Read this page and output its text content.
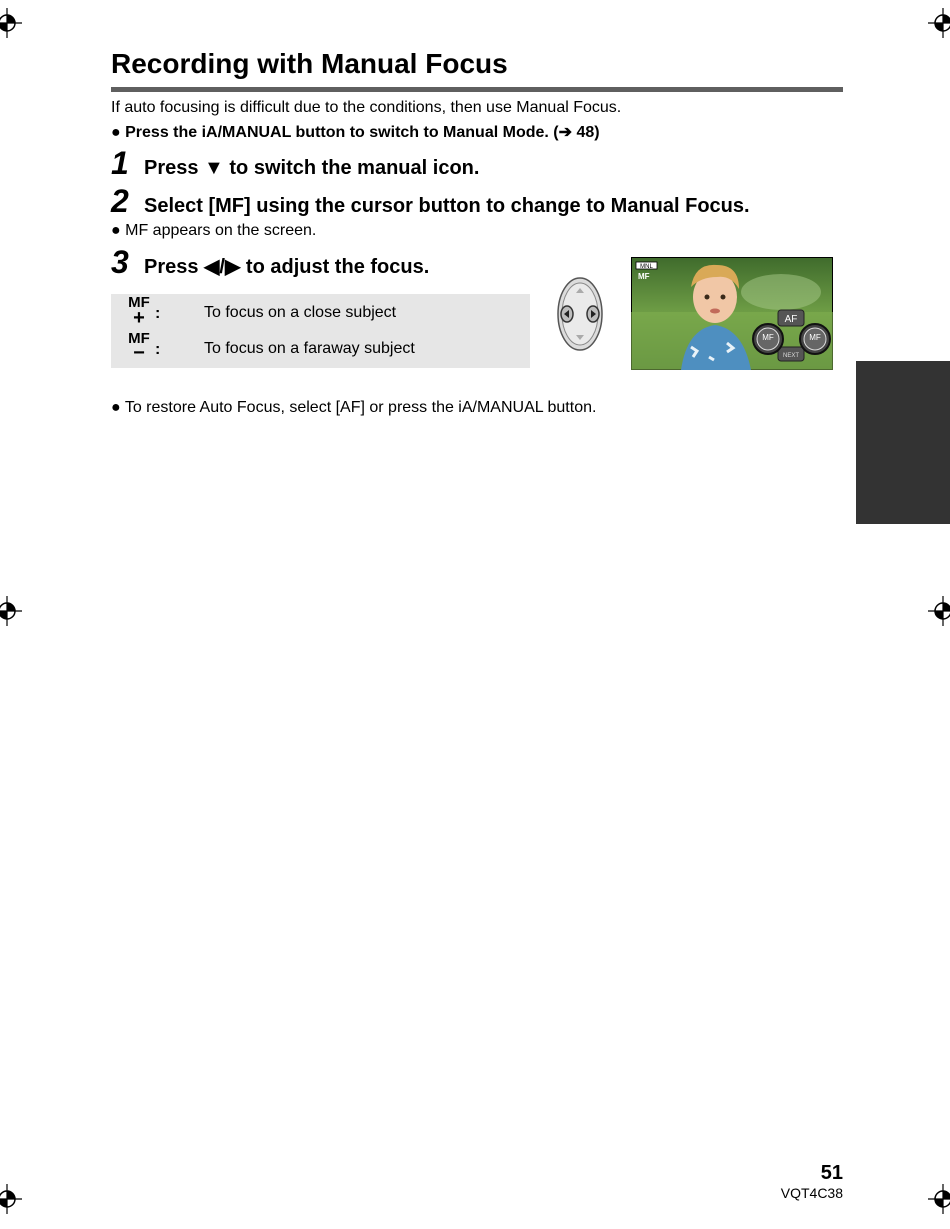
Recording with Manual Focus
If auto focusing is difficult due to the conditions, then use Manual Focus.
● Press the iA/MANUAL button to switch to Manual Mode. (➔ 48)
1 Press ▼ to switch the manual icon.
2 Select [MF] using the cursor button to change to Manual Focus.
● MF appears on the screen.
3 Press ◀/▶ to adjust the focus.
MF
+ :	To focus on a close subject
MF
− :	To focus on a faraway subject
MNL
MF
AF
NEXT
MF	MF
● To restore Auto Focus, select [AF] or press the iA/MANUAL button.
51
VQT4C38
